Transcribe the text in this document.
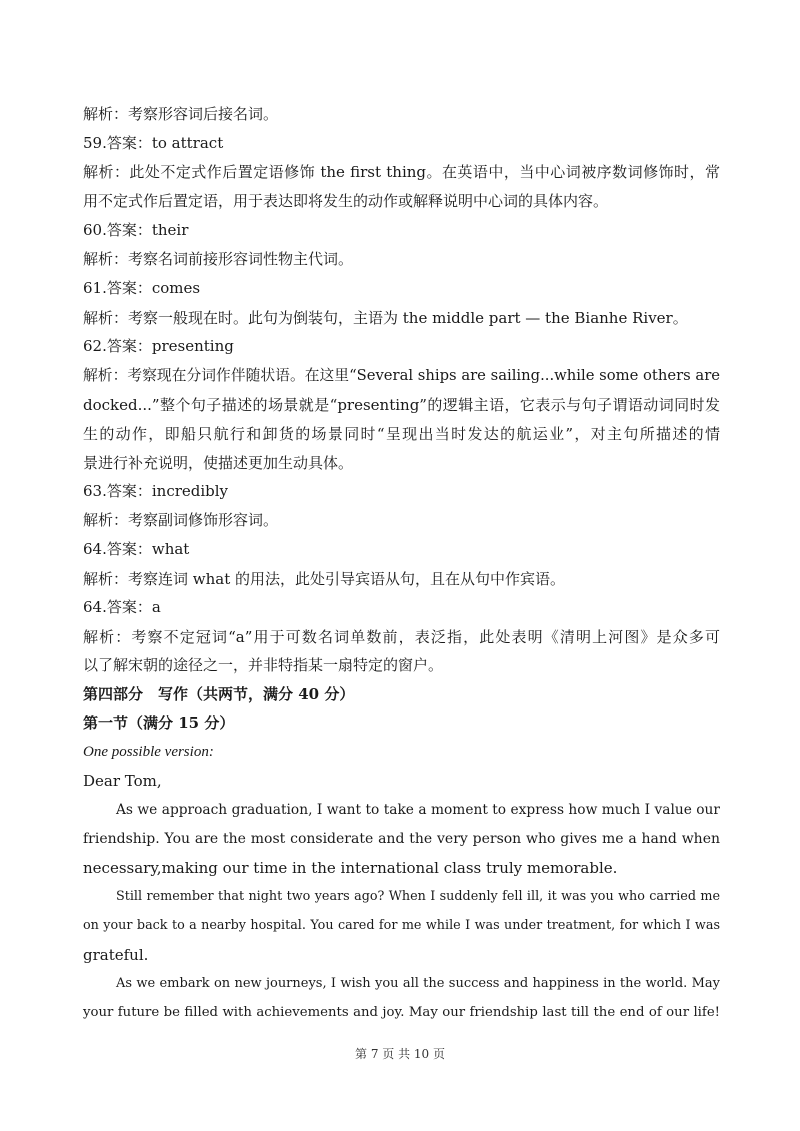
解析：考察形容词后接名词。
59.答案：to attract
解析：此处不定式作后置定语修饰 the first thing。在英语中，当中心词被序数词修饰时，常
用不定式作后置定语，用于表达即将发生的动作或解释说明中心词的具体内容。
60.答案：their
解析：考察名词前接形容词性物主代词。
61.答案：comes
解析：考察一般现在时。此句为倒装句，主语为 the middle part — the Bianhe River。
62.答案：presenting
解析：考察现在分词作伴随状语。在这里“Several ships are sailing...while some others are
docked...”整个句子描述的场景就是“presenting”的逻辑主语，它表示与句子谓语动词同时发
生的动作，即船只航行和卸货的场景同时“呈现出当时发达的航运业”，对主句所描述的情
景进行补充说明，使描述更加生动具体。
63.答案：incredibly
解析：考察副词修饰形容词。
64.答案：what
解析：考察连词 what 的用法，此处引导宾语从句，且在从句中作宾语。
64.答案：a
解析：考察不定冠词“a”用于可数名词单数前，表泛指，此处表明《清明上河图》是众多可
以了解宋朝的途径之一，并非特指某一扇特定的窗户。
第四部分　写作（共两节，满分 40 分）
第一节（满分 15 分）
One possible version:
Dear Tom,
As we approach graduation, I want to take a moment to express how much I value our
friendship. You are the most considerate and the very person who gives me a hand when
necessary,making our time in the international class truly memorable.
Still remember that night two years ago? When I suddenly fell ill, it was you who carried me
on your back to a nearby hospital. You cared for me while I was under treatment, for which I was
grateful.
As we embark on new journeys, I wish you all the success and happiness in the world. May
your future be filled with achievements and joy. May our friendship last till the end of our life!
第 7 页 共 10 页
